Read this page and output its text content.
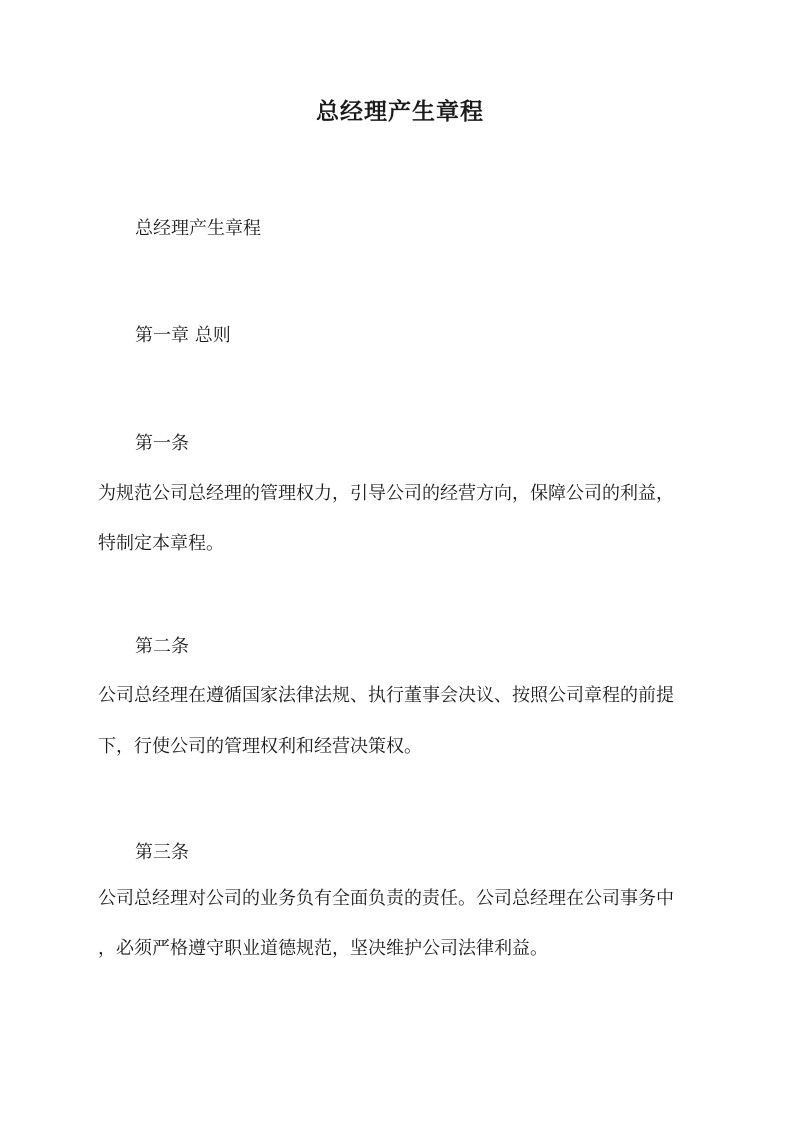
总经理产生章程
总经理产生章程
第一章 总则
第一条
为规范公司总经理的管理权力，引导公司的经营方向，保障公司的利益，
特制定本章程。
第二条
公司总经理在遵循国家法律法规、执行董事会决议、按照公司章程的前提
下，行使公司的管理权利和经营决策权。
第三条
公司总经理对公司的业务负有全面负责的责任。公司总经理在公司事务中
，必须严格遵守职业道德规范，坚决维护公司法律利益。
